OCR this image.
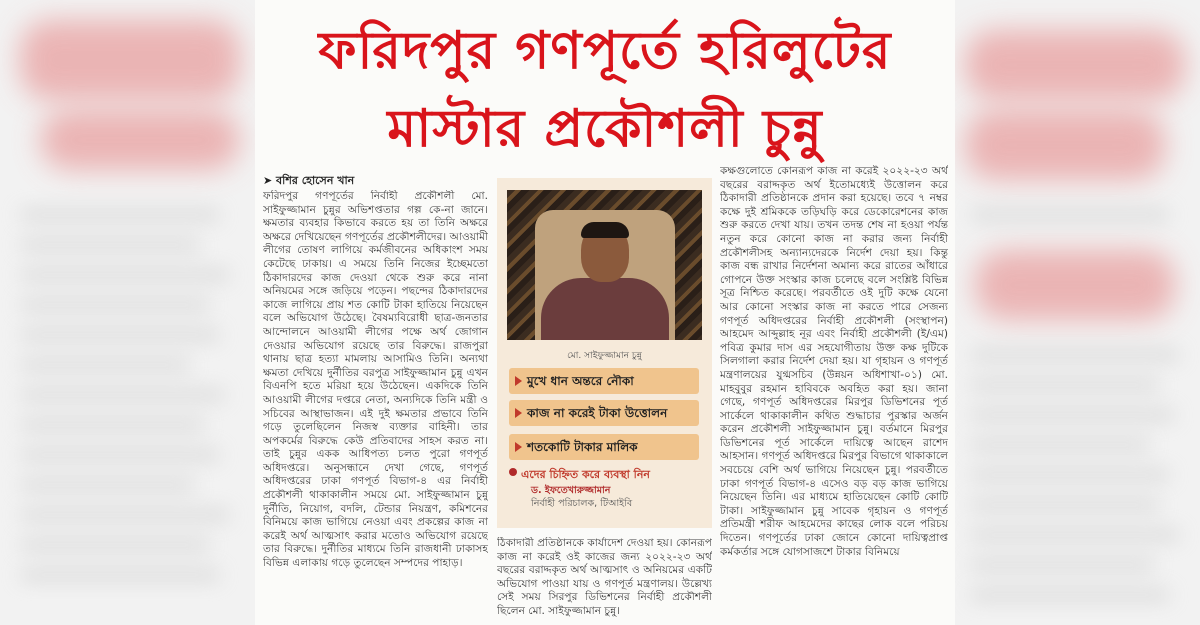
ফরিদপুর গণপূর্তে হরিলুটের
মাস্টার প্রকৌশলী চুন্নু
➤ বশির হোসেন খান

ফরিদপুর গণপূর্তের নির্বাহী প্রকৌশলী মো. সাইফুজ্জামান চুন্নুর অভিশপ্ততার গল্প কে-না জানে। ক্ষমতার ব্যবহার কিভাবে করতে হয় তা তিনি অক্ষরে অক্ষরে দেখিয়েছেন গণপূর্তের প্রকৌশলীদের। আওয়ামী লীগের তোষণ লাগিয়ে কর্মজীবনের অধিকাংশ সময় কেটেছে ঢাকায়। এ সময়ে তিনি নিজের ইচ্ছেমতো ঠিকাদারদের কাজ দেওয়া থেকে শুরু করে নানা অনিয়মের সঙ্গে জড়িয়ে পড়েন। পছন্দের ঠিকাদারদের কাজে লাগিয়ে প্রায় শত কোটি টাকা হাতিয়ে নিয়েছেন বলে অভিযোগ উঠেছে। বৈষম্যবিরোধী ছাত্র-জনতার আন্দোলনে আওয়ামী লীগের পক্ষে অর্থ জোগান দেওয়ার অভিযোগ রয়েছে তার বিরুদ্ধে। রাজপুরা থানায় ছাত্র হত্যা মামলায় আসামিও তিনি। অন্যথা ক্ষমতা দেখিয়ে দুর্নীতির বরপুত্র সাইফুজ্জামান চুন্নু এখন বিএনপি হতে মরিয়া হয়ে উঠেছেন। একদিকে তিনি আওয়ামী লীগের দপ্তরে নেতা, অন্যদিকে তিনি মন্ত্রী ও সচিবের আস্থাভাজন। এই দুই ক্ষমতার প্রভাবে তিনি গড়ে তুলেছিলেন নিজস্ব ব্যক্তার বাহিনী। তার অপকর্মের বিরুদ্ধে কেউ প্রতিবাদের সাহস করত না। তাই চুন্নুর একক আধিপত্য চলত পুরো গণপূর্ত অধিদপ্তরে। অনুসন্ধানে দেখা গেছে, গণপূর্ত অধিদপ্তরের ঢাকা গণপূর্ত বিভাগ-৪ এর নির্বাহী প্রকৌশলী থাকাকালীন সময়ে মো. সাইফুজ্জামান চুন্নু দুর্নীতি, নিয়োগ, বদলি, টেন্ডার নিয়ন্ত্রণ, কমিশনের বিনিময়ে কাজ ভাগিয়ে নেওয়া এবং প্রকল্পের কাজ না করেই অর্থ আত্মসাৎ করার মতোও অভিযোগ রয়েছে তার বিরুদ্ধে। দুর্নীতির মাধ্যমে তিনি রাজধানী ঢাকাসহ বিভিন্ন এলাকায় গড়ে তুলেছেন সম্পদের পাহাড়।

মো. সাইফুজ্জামান চুন্নু
মুখে ধান অন্তরে নৌকা
কাজ না করেই টাকা উত্তোলন
শতকোটি টাকার মালিক
এদের চিহ্নিত করে ব্যবস্থা নিন
ড. ইফতেখারুজ্জামান
নির্বাহী পরিচালক, টিআইবি

ঠিকাদারী প্রতিষ্ঠানকে কার্যাদেশ দেওয়া হয়। কোনরূপ কাজ না করেই ওই কাজের জন্য ২০২২-২৩ অর্থ বছরের বরাদ্দকৃত অর্থ আত্মসাৎ ও অনিয়মের একটি অভিযোগ পাওয়া যায় ও গণপূর্ত মন্ত্রণালয়। উল্লেখ্য সেই সময় সিরপুর ডিভিশনের নির্বাহী প্রকৌশলী ছিলেন মো. সাইফুজ্জামান চুন্নু।

কক্ষগুলোতে কোনরূপ কাজ না করেই ২০২২-২৩ অর্থ বছরের বরাদ্দকৃত অর্থ ইতোমধ্যেই উত্তোলন করে ঠিকাদারী প্রতিষ্ঠানকে প্রদান করা হয়েছে। তবে ৭ নম্বর কক্ষে দুই শ্রমিককে তড়িঘড়ি করে ডেকোরেশনের কাজ শুরু করতে দেখা যায়। তখন তদন্ত শেষ না হওয়া পর্যন্ত নতুন করে কোনো কাজ না করার জন্য নির্বাহী প্রকৌশলীসহ অন্যান্যদেরকে নির্দেশ দেয়া হয়। কিন্তু কাজ বন্ধ রাখার নির্দেশনা অমান্য করে রাতের আঁধারে গোপনে উক্ত সংস্কার কাজ চলেছে বলে সংশ্লিষ্ট বিভিন্ন সূত্র নিশ্চিত করেছে। পরবর্তীতে ওই দুটি কক্ষে যেনো আর কোনো সংস্কার কাজ না করতে পারে সেজন্য গণপূর্ত অধিদপ্তরের নির্বাহী প্রকৌশলী (সংস্থাপন) আহমেদ আব্দুল্লাহ নূর এবং নির্বাহী প্রকৌশলী (ই/এম) পবিত্র কুমার দাস এর সহযোগীতায় উক্ত কক্ষ দুটিকে সিলগালা করার নির্দেশ দেয়া হয়। যা গৃহায়ন ও গণপূর্ত মন্ত্রণালয়ের যুগ্মসচিব (উন্নয়ন অধিশাখা-০১) মো. মাহবুবুর রহমান হাবিবকে অবহিত করা হয়। জানা গেছে, গণপূর্ত অধিদপ্তরের মিরপুর ডিভিশনের পূর্ত সার্কেলে থাকাকালীন কথিত শুদ্ধাচার পুরস্কার অর্জন করেন প্রকৌশলী সাইফুজ্জামান চুন্নু। বর্তমানে মিরপুর ডিভিশনের পূর্ত সার্কেলে দায়িত্বে আছেন রাশেদ আহসান। গণপূর্ত অধিদপ্তরে মিরপুর বিভাগে থাকাকালে সবচেয়ে বেশি অর্থ ভাগিয়ে নিয়েছেন চুন্নু। পরবর্তীতে ঢাকা গণপূর্ত বিভাগ-৪ এসেও বড় বড় কাজ ভাগিয়ে নিয়েছেন তিনি। এর মাধ্যমে হাতিয়েছেন কোটি কোটি টাকা। সাইফুজ্জামান চুন্নু সাবেক গৃহায়ন ও গণপূর্ত প্রতিমন্ত্রী শরীফ আহমেদের কাছের লোক বলে পরিচয় দিতেন। গণপূর্তের ঢাকা জোনে কোনো দায়িত্বপ্রাপ্ত কর্মকর্তার সঙ্গে যোগসাজশে টাকার বিনিময়ে
